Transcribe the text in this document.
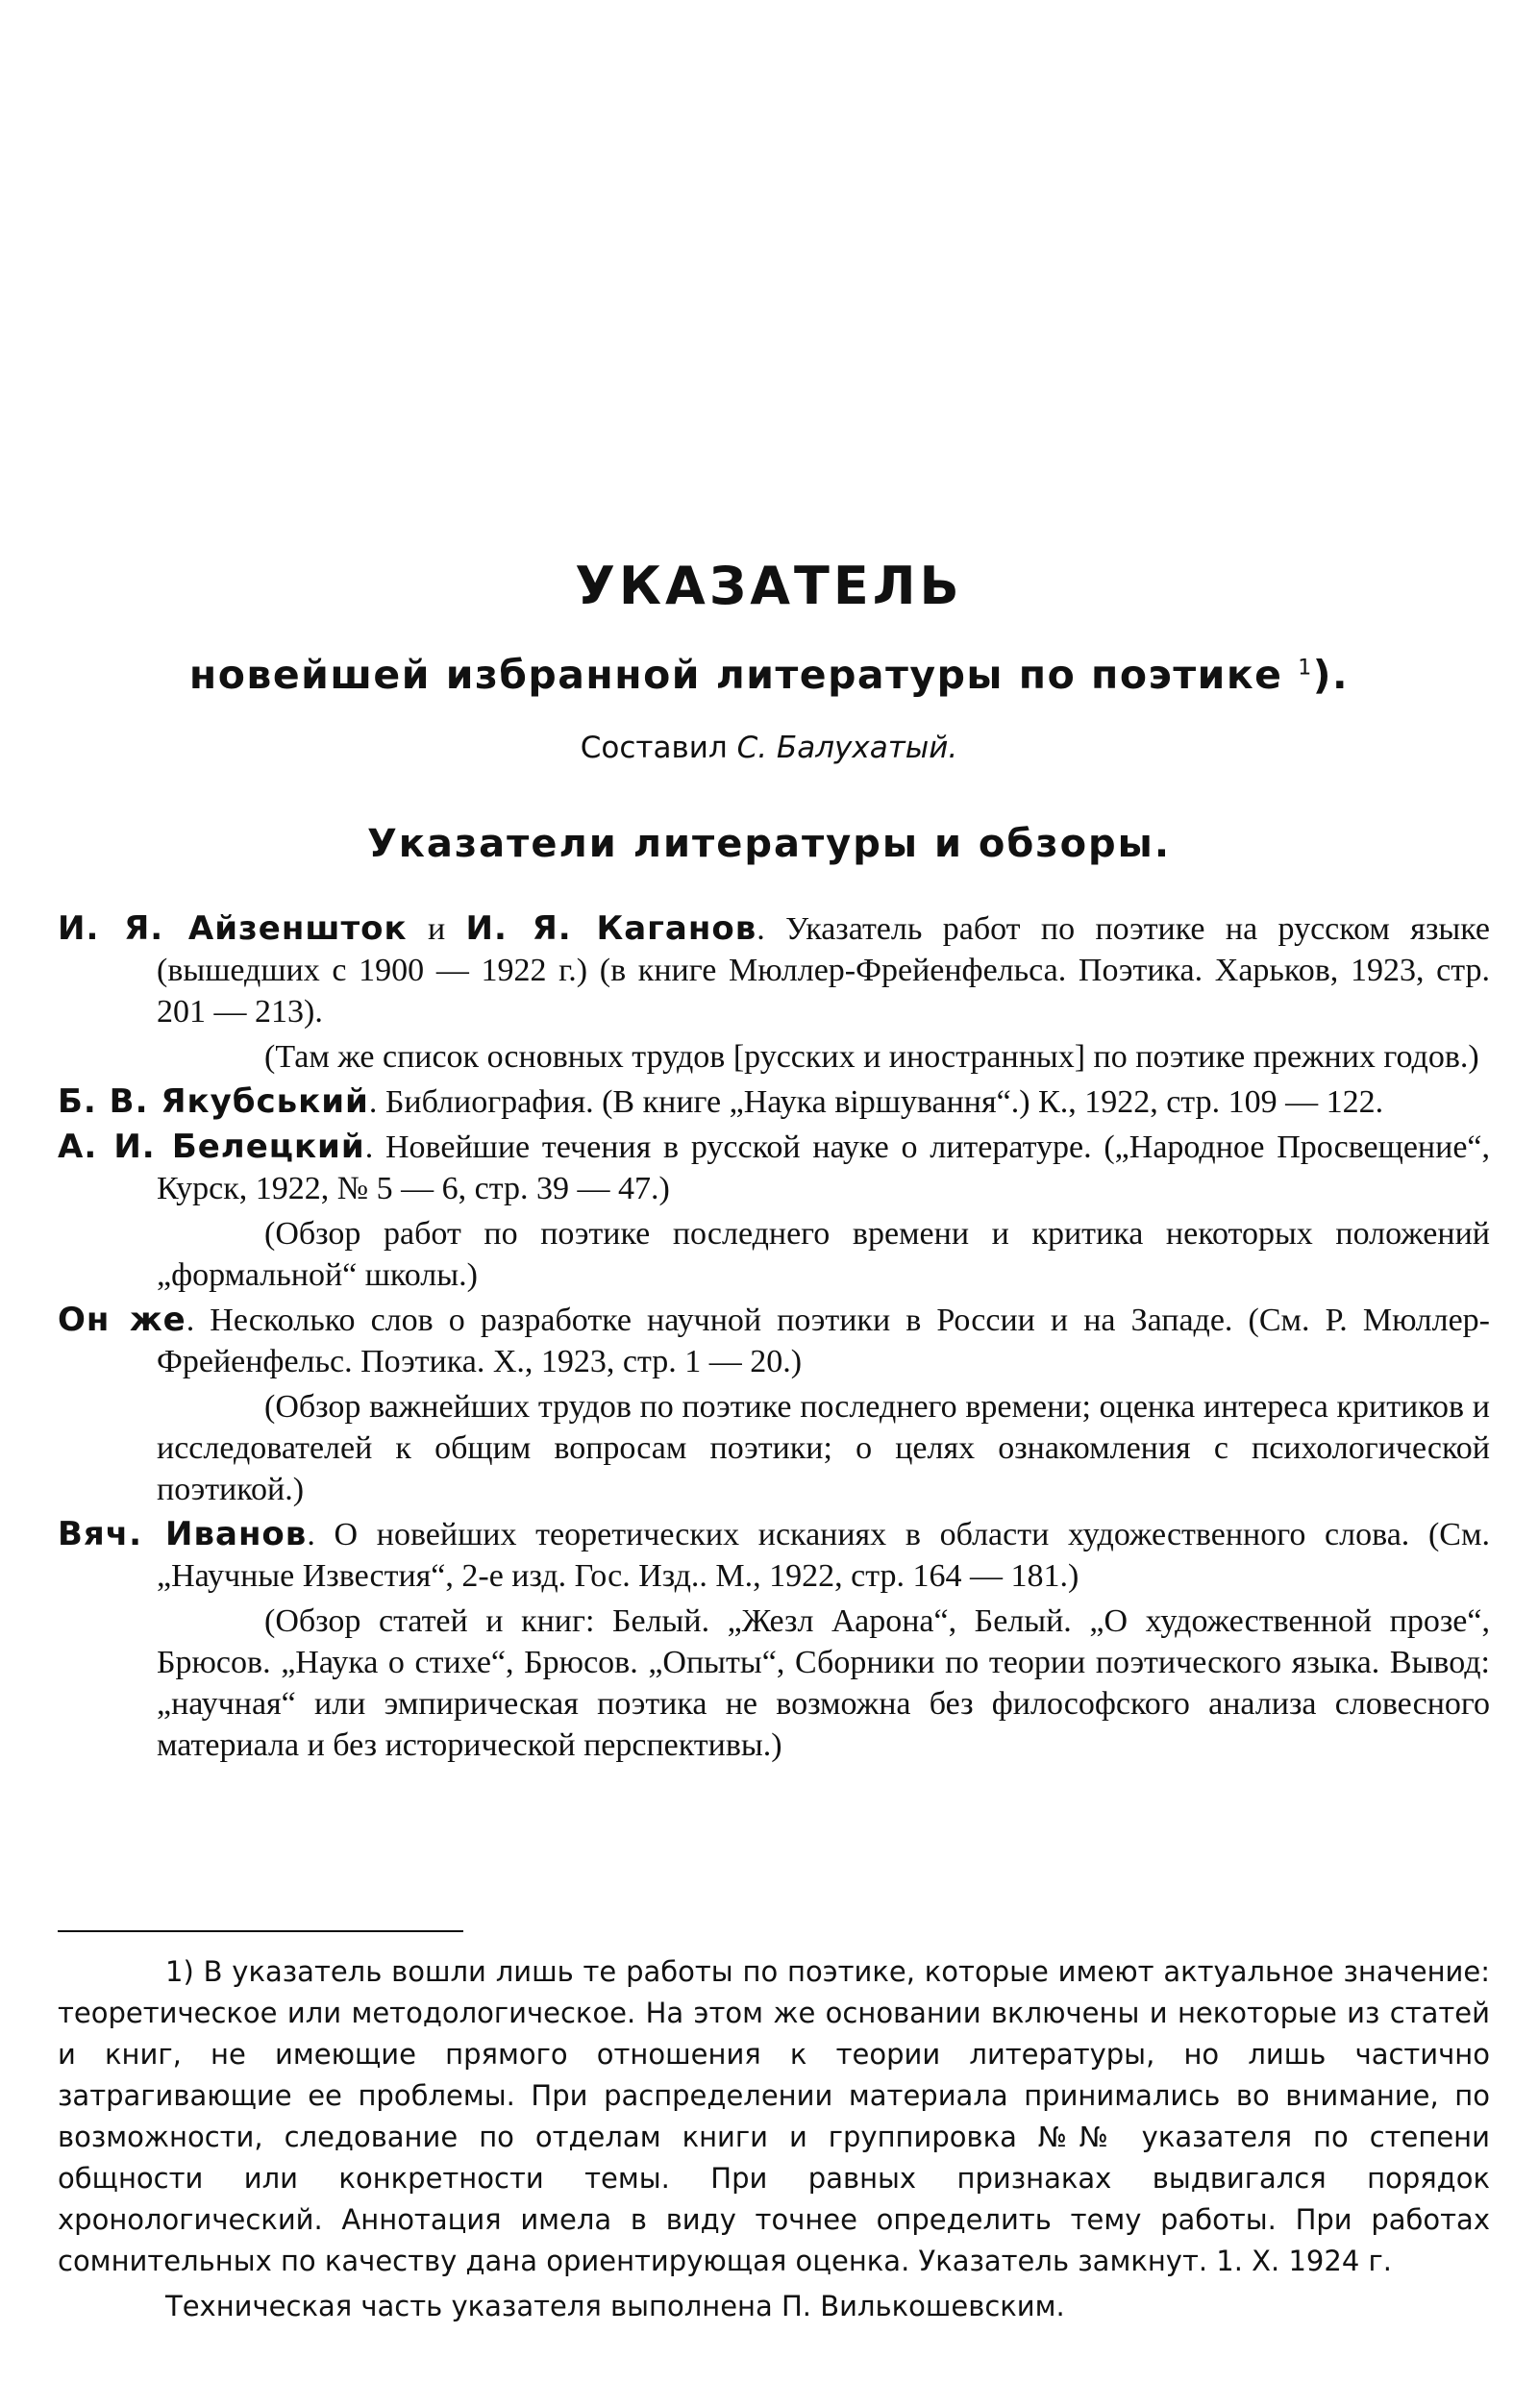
УКАЗАТЕЛЬ
новейшей избранной литературы по поэтике $^1$).
Составил С. Балухатый.
Указатели литературы и обзоры.

И. Я. Айзеншток и И. Я. Каганов. Указатель работ по поэтике на русском языке (вышедших с 1900 — 1922 г.) (в книге Мюллер-Фрейенфельса. Поэтика. Харьков, 1923, стр. 201 — 213).

(Там же список основных трудов [русских и иностранных] по поэтике прежних годов.)

Б. В. Якубський. Библиография. (В книге „Наука віршування“.) К., 1922, стр. 109 — 122.

А. И. Белецкий. Новейшие течения в русской науке о литературе. („Народное Просвещение“, Курск, 1922, № 5 — 6, стр. 39 — 47.)

(Обзор работ по поэтике последнего времени и критика некоторых положений „формальной“ школы.)

Он же. Несколько слов о разработке научной поэтики в России и на Западе. (См. Р. Мюллер-Фрейенфельс. Поэтика. Х., 1923, стр. 1 — 20.)

(Обзор важнейших трудов по поэтике последнего времени; оценка интереса критиков и исследователей к общим вопросам поэтики; о целях ознакомления с психологической поэтикой.)

Вяч. Иванов. О новейших теоретических исканиях в области художественного слова. (См. „Научные Известия“, 2-е изд. Гос. Изд.. М., 1922, стр. 164 — 181.)

(Обзор статей и книг: Белый. „Жезл Аарона“, Белый. „О художественной прозе“, Брюсов. „Наука о стихе“, Брюсов. „Опыты“, Сборники по теории поэтического языка. Вывод: „научная“ или эмпирическая поэтика не возможна без философского анализа словесного материала и без исторической перспективы.)

1) В указатель вошли лишь те работы по поэтике, которые имеют актуальное значение: теоретическое или методологическое. На этом же основании включены и некоторые из статей и книг, не имеющие прямого отношения к теории литературы, но лишь частично затрагивающие ее проблемы. При распределении материала принимались во внимание, по возможности, следование по отделам книги и группировка №№ указателя по степени общности или конкретности темы. При равных признаках выдвигался порядок хронологический. Аннотация имела в виду точнее определить тему работы. При работах сомнительных по качеству дана ориентирующая оценка. Указатель замкнут. 1. Х. 1924 г.

Техническая часть указателя выполнена П. Вилькошевским.
